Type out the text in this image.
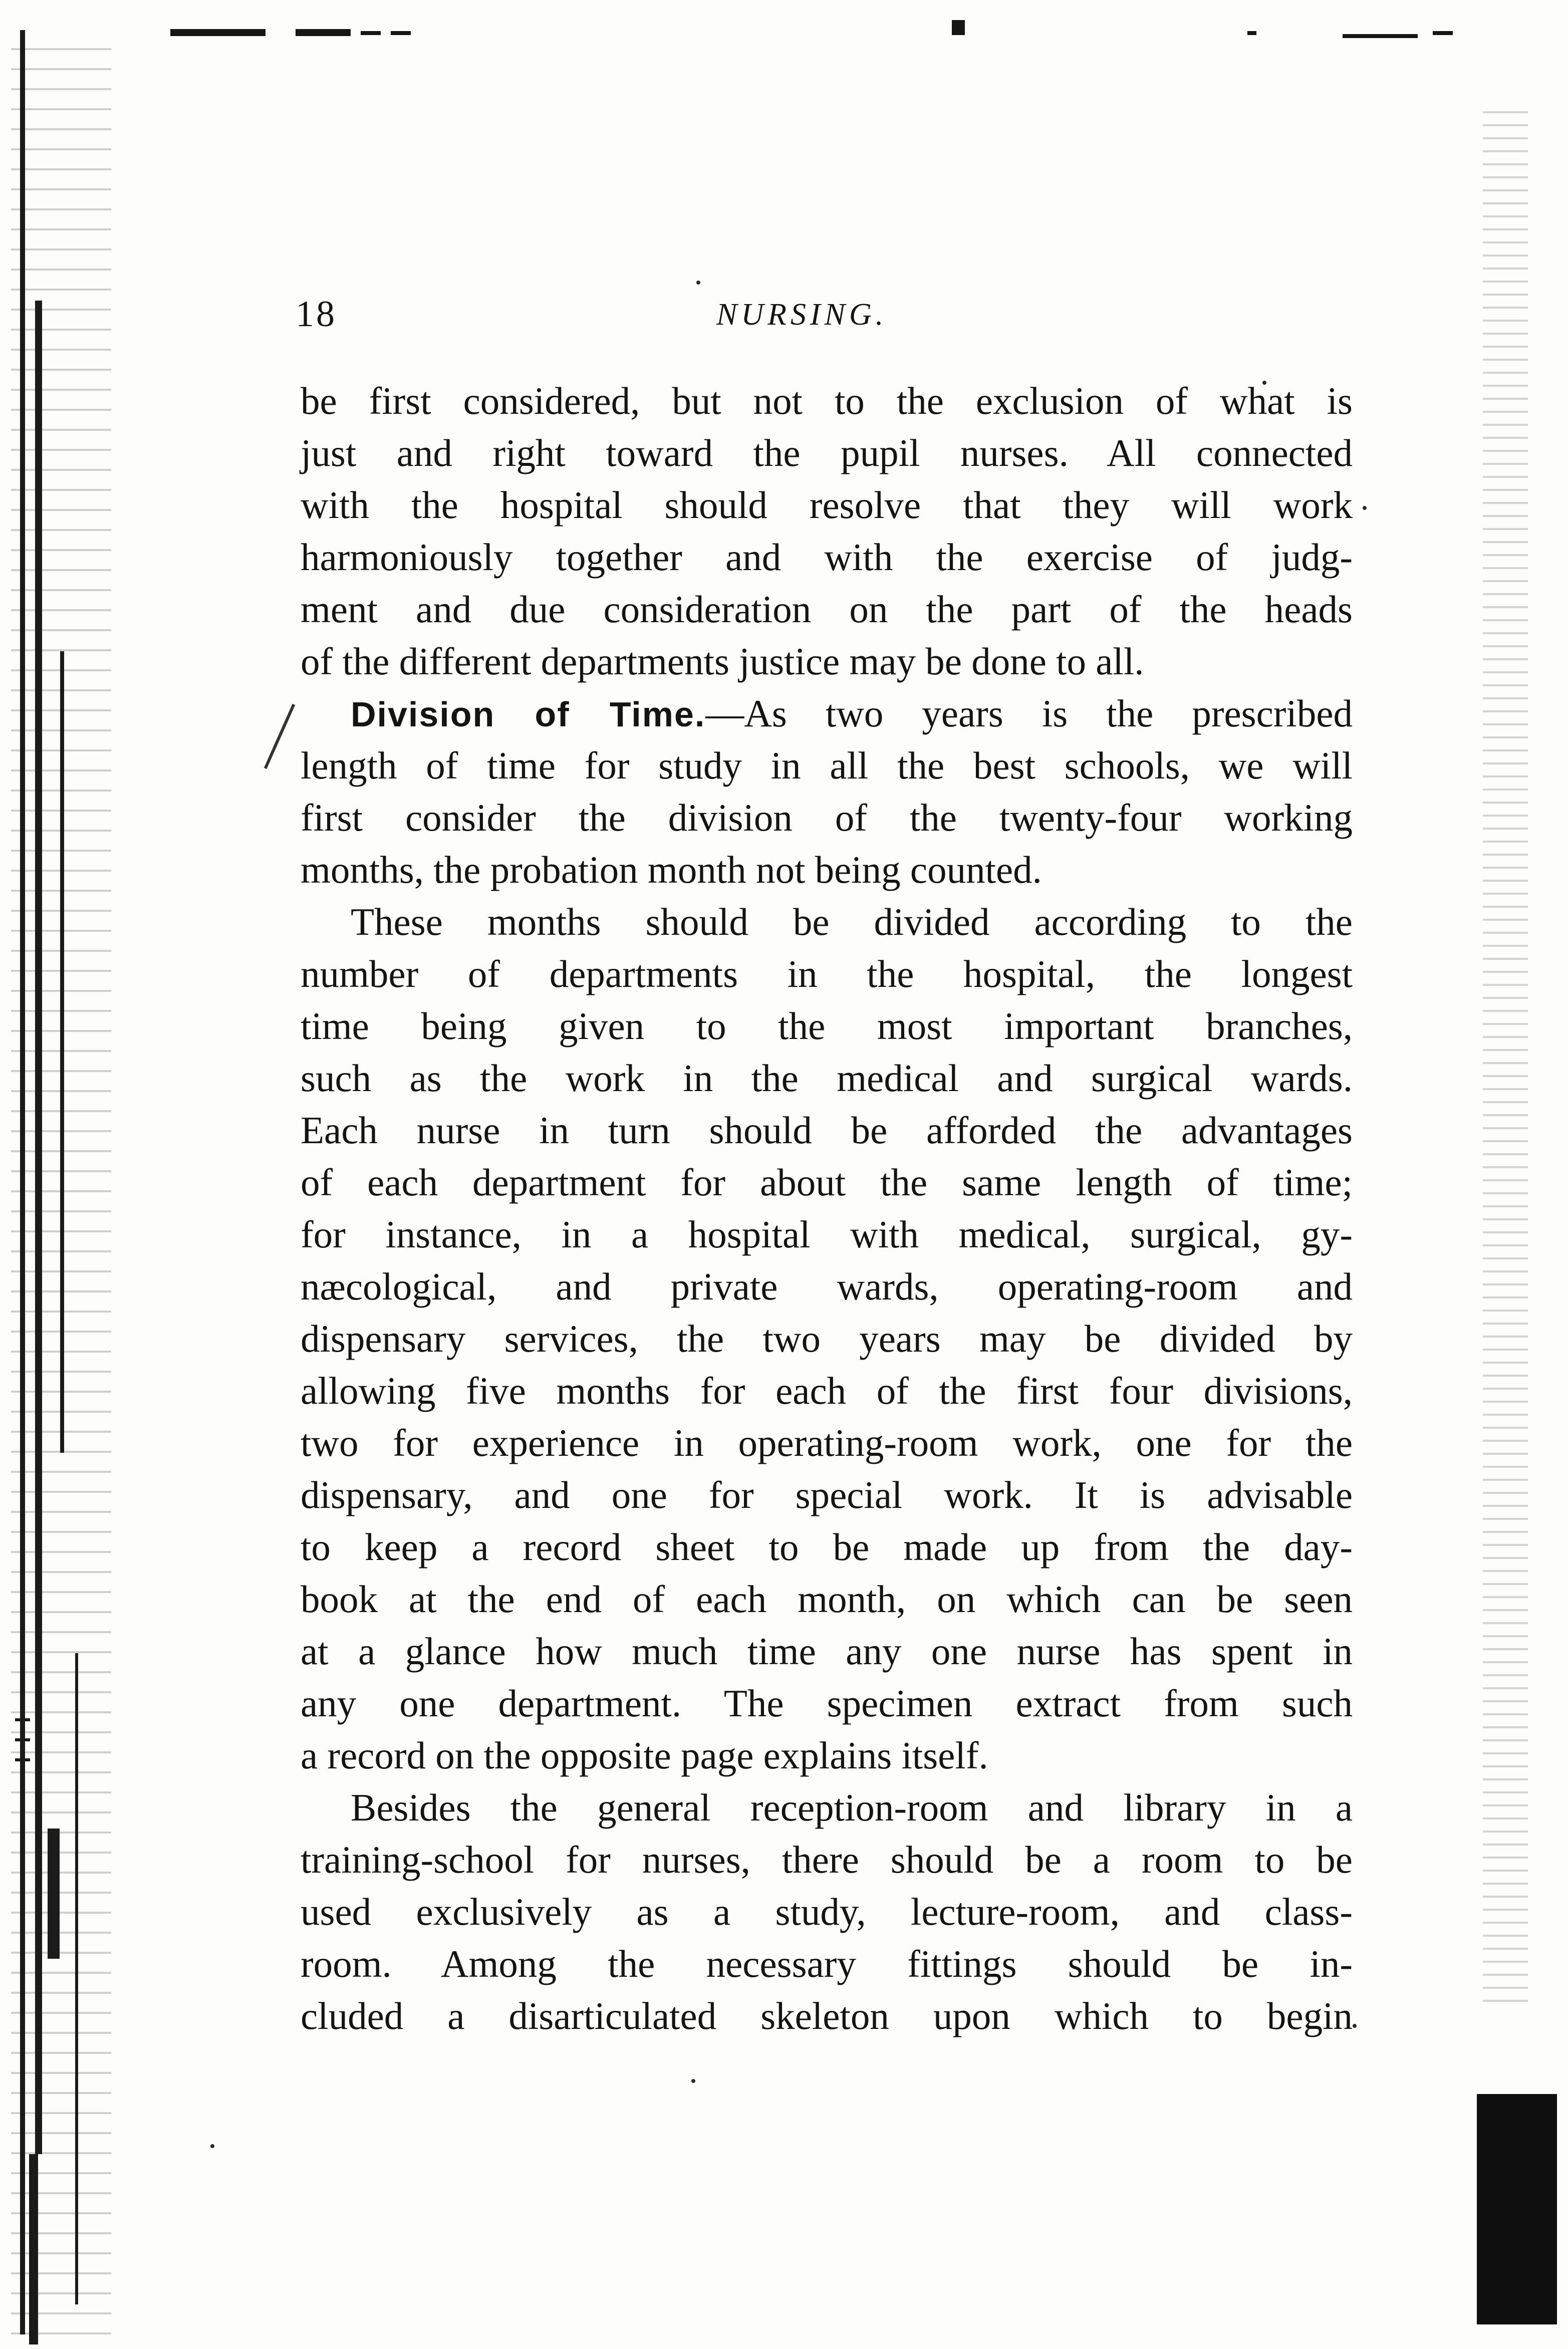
18	NURSING.
be first considered, but not to the exclusion of what is
just and right toward the pupil nurses. All connected
with the hospital should resolve that they will work
harmoniously together and with the exercise of judg-
ment and due consideration on the part of the heads
of the different departments justice may be done to all.
Division of Time.—As two years is the prescribed
length of time for study in all the best schools, we will
first consider the division of the twenty-four working
months, the probation month not being counted.
These months should be divided according to the
number of departments in the hospital, the longest
time being given to the most important branches,
such as the work in the medical and surgical wards.
Each nurse in turn should be afforded the advantages
of each department for about the same length of time;
for instance, in a hospital with medical, surgical, gy-
næcological, and private wards, operating-room and
dispensary services, the two years may be divided by
allowing five months for each of the first four divisions,
two for experience in operating-room work, one for the
dispensary, and one for special work. It is advisable
to keep a record sheet to be made up from the day-
book at the end of each month, on which can be seen
at a glance how much time any one nurse has spent in
any one department. The specimen extract from such
a record on the opposite page explains itself.
Besides the general reception-room and library in a
training-school for nurses, there should be a room to be
used exclusively as a study, lecture-room, and class-
room. Among the necessary fittings should be in-
cluded a disarticulated skeleton upon which to begin
